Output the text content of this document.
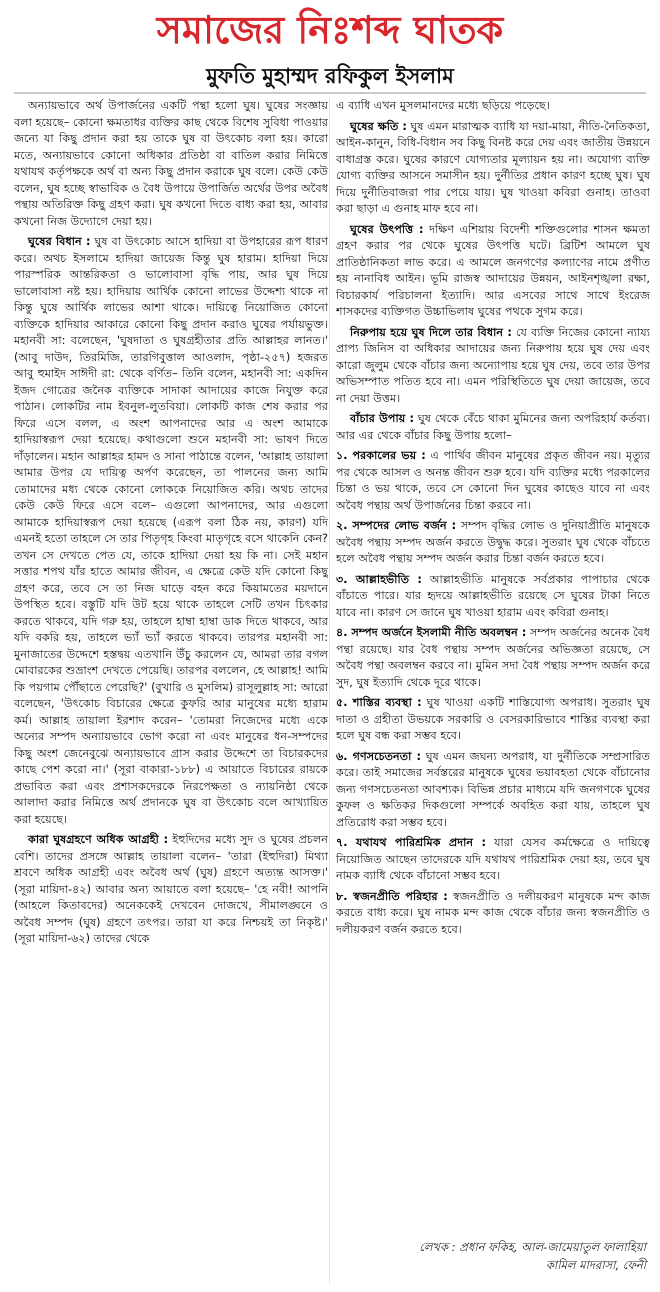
সমাজের নিঃশব্দ ঘাতক
মুফতি মুহাম্মদ রফিকুল ইসলাম

অন্যায়ভাবে অর্থ উপার্জনের একটি পন্থা হলো ঘুষ। ঘুষের সংজ্ঞায় বলা হয়েছে– কোনো ক্ষমতাধর ব্যক্তির কাছ থেকে বিশেষ সুবিধা পাওয়ার জন্যে যা কিছু প্রদান করা হয় তাকে ঘুষ বা উৎকোচ বলা হয়। কারো মতে, অন্যায়ভাবে কোনো অধিকার প্রতিষ্ঠা বা বাতিল করার নিমিত্তে যথাযথ কর্তৃপক্ষকে অর্থ বা অন্য কিছু প্রদান করাকে ঘুষ বলে। কেউ কেউ বলেন, ঘুষ হচ্ছে স্বাভাবিক ও বৈধ উপায়ে উপার্জিত অর্থের উপর অবৈধ পন্থায় অতিরিক্ত কিছু গ্রহণ করা। ঘুষ কখনো দিতে বাধ্য করা হয়, আবার কখনো নিজ উদ্যোগে দেয়া হয়।

ঘুষের বিধান : ঘুষ বা উৎকোচ আসে হাদিয়া বা উপহারের রূপ ধারণ করে। অথচ ইসলামে হাদিয়া জায়েজ কিন্তু ঘুষ হারাম। হাদিয়া দিয়ে পারস্পরিক আন্তরিকতা ও ভালোবাসা বৃদ্ধি পায়, আর ঘুষ দিয়ে ভালোবাসা নষ্ট হয়। হাদিয়ায় আর্থিক কোনো লাভের উদ্দেশ্য থাকে না কিন্তু ঘুষে আর্থিক লাভের আশা থাকে। দায়িত্বে নিয়োজিত কোনো ব্যক্তিকে হাদিয়ার আকারে কোনো কিছু প্রদান করাও ঘুষের পর্যায়ভুক্ত। মহানবী সা: বলেছেন, 'ঘুষদাতা ও ঘুষগ্রহীতার প্রতি আল্লাহর লানত।' (আবু দাউদ, তিরমিজি, তারগিবুত্তাল আওলাদ, পৃষ্ঠা-২৫৭) হজরত আবু হুমাইদ সাঈদী রা: থেকে বর্ণিত– তিনি বলেন, মহানবী সা: একদিন ইজদ গোত্রের জনৈক ব্যক্তিকে সাদাকা আদায়ের কাজে নিযুক্ত করে পাঠান। লোকটির নাম ইবনুল-লুতবিয়া। লোকটি কাজ শেষ করার পর ফিরে এসে বলল, এ অংশ আপনাদের আর এ অংশ আমাকে হাদিয়াস্বরূপ দেয়া হয়েছে। কথাগুলো শুনে মহানবী সা: ভাষণ দিতে দাঁড়ালেন। মহান আল্লাহর হামদ ও সানা পাঠান্তে বলেন, 'আল্লাহ তায়ালা আমার উপর যে দায়িত্ব অর্পণ করেছেন, তা পালনের জন্য আমি তোমাদের মধ্য থেকে কোনো লোককে নিয়োজিত করি। অথচ তাদের কেউ কেউ ফিরে এসে বলে– এগুলো আপনাদের, আর এগুলো আমাকে হাদিয়াস্বরূপ দেয়া হয়েছে (এরূপ বলা ঠিক নয়, কারণ) যদি এমনই হতো তাহলে সে তার পিতৃগৃহ কিংবা মাতৃগৃহে বসে থাকেনি কেন? তখন সে দেখতে পেত যে, তাকে হাদিয়া দেয়া হয় কি না। সেই মহান সত্তার শপথ যাঁর হাতে আমার জীবন, এ ক্ষেত্রে কেউ যদি কোনো কিছু গ্রহণ করে, তবে সে তা নিজ ঘাড়ে বহন করে কিয়ামতের ময়দানে উপস্থিত হবে। বস্তুটি যদি উট হয়ে থাকে তাহলে সেটি তখন চিৎকার করতে থাকবে, যদি গরু হয়, তাহলে হাম্বা হাম্বা ডাক দিতে থাকবে, আর যদি বকরি হয়, তাহলে ভ্যাঁ ভ্যাঁ করতে থাকবে। তারপর মহানবী সা: মুনাজাতের উদ্দেশে হস্তদ্বয় এতখানি উঁচু করলেন যে, আমরা তার বগল মোবারকের শুভ্রাংশ দেখতে পেয়েছি। তারপর বললেন, হে আল্লাহ! আমি কি পয়গাম পৌঁছাতে পেরেছি?' (বুখারি ও মুসলিম) রাসূলুল্লাহ সা: আরো বলেছেন, 'উৎকোচ বিচারের ক্ষেত্রে কুফরি আর মানুষের মধ্যে হারাম কর্ম। আল্লাহ তায়ালা ইরশাদ করেন– 'তোমরা নিজেদের মধ্যে একে অন্যের সম্পদ অন্যায়ভাবে ভোগ করো না এবং মানুষের ধন-সম্পদের কিছু অংশ জেনেবুঝে অন্যায়ভাবে গ্রাস করার উদ্দেশে তা বিচারকদের কাছে পেশ করো না।' (সূরা বাকারা-১৮৮) এ আয়াতে বিচারের রায়কে প্রভাবিত করা এবং প্রশাসকদেরকে নিরপেক্ষতা ও ন্যায়নিষ্ঠা থেকে আলাদা করার নিমিত্তে অর্থ প্রদানকে ঘুষ বা উৎকোচ বলে আখ্যায়িত করা হয়েছে।

কারা ঘুষগ্রহণে অধিক আগ্রহী : ইহুদিদের মধ্যে সুদ ও ঘুষের প্রচলন বেশি। তাদের প্রসঙ্গে আল্লাহ তায়ালা বলেন– 'তারা (ইহুদিরা) মিথ্যা শ্রবণে অধিক আগ্রহী এবং অবৈধ অর্থ (ঘুষ) গ্রহণে অত্যন্ত আসক্ত।' (সূরা মায়িদা-৪২) আবার অন্য আয়াতে বলা হয়েছে– 'হে নবী! আপনি (আহলে কিতাবদের) অনেককেই দেখবেন দোজখে, সীমালঙ্ঘনে ও অবৈধ সম্পদ (ঘুষ) গ্রহণে তৎপর। তারা যা করে নিশ্চয়ই তা নিকৃষ্ট।' (সূরা মায়িদা-৬২) তাদের থেকে

এ ব্যাধি এখন মুসলমানদের মধ্যে ছড়িয়ে পড়েছে।

ঘুষের ক্ষতি : ঘুষ এমন মারাত্মক ব্যাধি যা দয়া-মায়া, নীতি-নৈতিকতা, আইন-কানুন, বিধি-বিধান সব কিছু বিনষ্ট করে দেয় এবং জাতীয় উন্নয়নে বাধাগ্রস্ত করে। ঘুষের কারণে যোগ্যতার মূল্যায়ন হয় না। অযোগ্য ব্যক্তি যোগ্য ব্যক্তির আসনে সমাসীন হয়। দুর্নীতির প্রধান কারণ হচ্ছে ঘুষ। ঘুষ দিয়ে দুর্নীতিবাজরা পার পেয়ে যায়। ঘুষ খাওয়া কবিরা গুনাহ। তাওবা করা ছাড়া এ গুনাহ মাফ হবে না।

ঘুষের উৎপত্তি : দক্ষিণ এশিয়ায় বিদেশী শক্তিগুলোর শাসন ক্ষমতা গ্রহণ করার পর থেকে ঘুষের উৎপত্তি ঘটে। ব্রিটিশ আমলে ঘুষ প্রাতিষ্ঠানিকতা লাভ করে। এ আমলে জনগণের কল্যাণের নামে প্রণীত হয় নানাবিধ আইন। ভূমি রাজস্ব আদায়ের উন্নয়ন, আইনশৃঙ্খলা রক্ষা, বিচারকার্য পরিচালনা ইত্যাদি। আর এসবের সাথে সাথে ইংরেজ শাসকদের ব্যক্তিগত উচ্চাভিলাষ ঘুষের পথকে সুগম করে।

নিরুপায় হয়ে ঘুষ দিলে তার বিধান : যে ব্যক্তি নিজের কোনো ন্যায্য প্রাপ্য জিনিস বা অধিকার আদায়ের জন্য নিরুপায় হয়ে ঘুষ দেয় এবং কারো জুলুম থেকে বাঁচার জন্য অন্যোপায় হয়ে ঘুষ দেয়, তবে তার উপর অভিসম্পাত পতিত হবে না। এমন পরিস্থিতিতে ঘুষ দেয়া জায়েজ, তবে না দেয়া উত্তম।

বাঁচার উপায় : ঘুষ থেকে বেঁচে থাকা মুমিনের জন্য অপরিহার্য কর্তব্য। আর এর থেকে বাঁচার কিছু উপায় হলো–

১. পরকালের ভয় : এ পার্থিব জীবন মানুষের প্রকৃত জীবন নয়। মৃত্যুর পর থেকে আসল ও অনন্ত জীবন শুরু হবে। যদি ব্যক্তির মধ্যে পরকালের চিন্তা ও ভয় থাকে, তবে সে কোনো দিন ঘুষের কাছেও যাবে না এবং অবৈধ পন্থায় অর্থ উপার্জনের চিন্তা করবে না।

২. সম্পদের লোভ বর্জন : সম্পদ বৃদ্ধির লোভ ও দুনিয়াপ্রীতি মানুষকে অবৈধ পন্থায় সম্পদ অর্জন করতে উদ্বুদ্ধ করে। সুতরাং ঘুষ থেকে বাঁচতে হলে অবৈধ পন্থায় সম্পদ অর্জন করার চিন্তা বর্জন করতে হবে।

৩. আল্লাহভীতি : আল্লাহভীতি মানুষকে সর্বপ্রকার পাপাচার থেকে বাঁচাতে পারে। যার হৃদয়ে আল্লাহভীতি রয়েছে সে ঘুষের টাকা নিতে যাবে না। কারণ সে জানে ঘুষ খাওয়া হারাম এবং কবিরা গুনাহ।

৪. সম্পদ অর্জনে ইসলামী নীতি অবলম্বন : সম্পদ অর্জনের অনেক বৈধ পন্থা রয়েছে। যার বৈধ পন্থায় সম্পদ অর্জনের অভিজ্ঞতা রয়েছে, সে অবৈধ পন্থা অবলম্বন করবে না। মুমিন সদা বৈধ পন্থায় সম্পদ অর্জন করে সুদ, ঘুষ ইত্যাদি থেকে দূরে থাকে।

৫. শাস্তির ব্যবস্থা : ঘুষ খাওয়া একটি শাস্তিযোগ্য অপরাধ। সুতরাং ঘুষ দাতা ও গ্রহীতা উভয়কে সরকারি ও বেসরকারিভাবে শাস্তির ব্যবস্থা করা হলে ঘুষ বন্ধ করা সম্ভব হবে।

৬. গণসচেতনতা : ঘুষ এমন জঘন্য অপরাধ, যা দুর্নীতিকে সম্প্রসারিত করে। তাই সমাজের সর্বস্তরের মানুষকে ঘুষের ভয়াবহতা থেকে বাঁচানোর জন্য গণসচেতনতা আবশ্যক। বিভিন্ন প্রচার মাধ্যমে যদি জনগণকে ঘুষের কুফল ও ক্ষতিকর দিকগুলো সম্পর্কে অবহিত করা যায়, তাহলে ঘুষ প্রতিরোধ করা সম্ভব হবে।

৭. যথাযথ পারিশ্রমিক প্রদান : যারা যেসব কর্মক্ষেত্রে ও দায়িত্বে নিয়োজিত আছেন তাদেরকে যদি যথাযথ পারিশ্রমিক দেয়া হয়, তবে ঘুষ নামক ব্যাধি থেকে বাঁচানো সম্ভব হবে।

৮. স্বজনপ্রীতি পরিহার : স্বজনপ্রীতি ও দলীয়করণ মানুষকে মন্দ কাজ করতে বাধ্য করে। ঘুষ নামক মন্দ কাজ থেকে বাঁচার জন্য স্বজনপ্রীতি ও দলীয়করণ বর্জন করতে হবে।

লেখক : প্রধান ফকিহ, আল-জামেয়াতুল ফালাহিয়া
কামিল মাদরাসা, ফেনী
